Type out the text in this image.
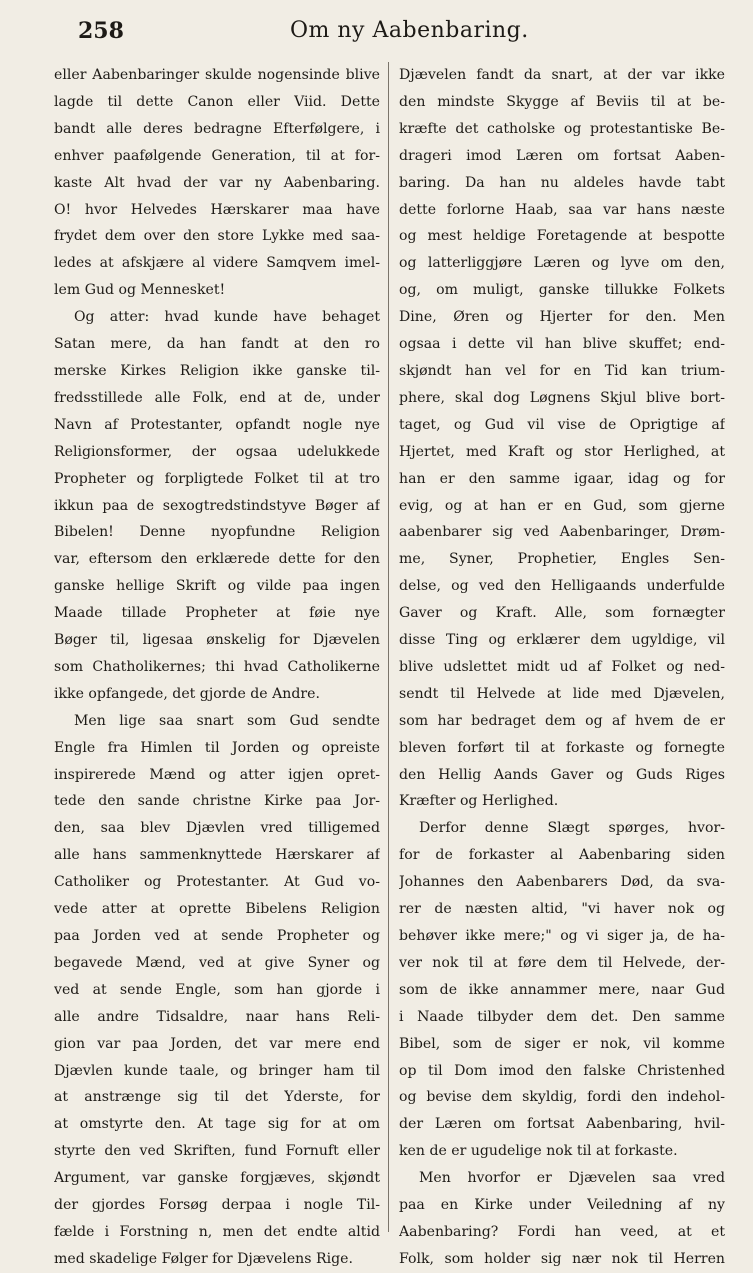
258	Om ny Aabenbaring.
eller Aabenbaringer skulde nogensinde blive
lagde til dette Canon eller Viid. Dette
bandt alle deres bedragne Efterfølgere, i
enhver paafølgende Generation, til at for-
kaste Alt hvad der var ny Aabenbaring.
O! hvor Helvedes Hærskarer maa have
frydet dem over den store Lykke med saa-
ledes at afskjære al videre Samqvem imel-
lem Gud og Mennesket!
Og atter: hvad kunde have behaget
Satan mere, da han fandt at den ro
merske Kirkes Religion ikke ganske til-
fredsstillede alle Folk, end at de, under
Navn af Protestanter, opfandt nogle nye
Religionsformer, der ogsaa udelukkede
Propheter og forpligtede Folket til at tro
ikkun paa de sexogtredstindstyve Bøger af
Bibelen! Denne nyopfundne Religion
var, eftersom den erklærede dette for den
ganske hellige Skrift og vilde paa ingen
Maade tillade Propheter at føie nye
Bøger til, ligesaa ønskelig for Djævelen
som Chatholikernes; thi hvad Catholikerne
ikke opfangede, det gjorde de Andre.
Men lige saa snart som Gud sendte
Engle fra Himlen til Jorden og opreiste
inspirerede Mænd og atter igjen opret-
tede den sande christne Kirke paa Jor-
den, saa blev Djævlen vred tilligemed
alle hans sammenknyttede Hærskarer af
Catholiker og Protestanter. At Gud vo-
vede atter at oprette Bibelens Religion
paa Jorden ved at sende Propheter og
begavede Mænd, ved at give Syner og
ved at sende Engle, som han gjorde i
alle andre Tidsaldre, naar hans Reli-
gion var paa Jorden, det var mere end
Djævlen kunde taale, og bringer ham til
at anstrænge sig til det Yderste, for
at omstyrte den. At tage sig for at om
styrte den ved Skriften, fund Fornuft eller
Argument, var ganske forgjæves, skjøndt
der gjordes Forsøg derpaa i nogle Til-
fælde i Forstning n, men det endte altid
med skadelige Følger for Djævelens Rige.
Djævelen fandt da snart, at der var ikke
den mindste Skygge af Beviis til at be-
kræfte det catholske og protestantiske Be-
drageri imod Læren om fortsat Aaben-
baring. Da han nu aldeles havde tabt
dette forlorne Haab, saa var hans næste
og mest heldige Foretagende at bespotte
og latterliggjøre Læren og lyve om den,
og, om muligt, ganske tillukke Folkets
Dine, Øren og Hjerter for den. Men
ogsaa i dette vil han blive skuffet; end-
skjøndt han vel for en Tid kan trium-
phere, skal dog Løgnens Skjul blive bort-
taget, og Gud vil vise de Oprigtige af
Hjertet, med Kraft og stor Herlighed, at
han er den samme igaar, idag og for
evig, og at han er en Gud, som gjerne
aabenbarer sig ved Aabenbaringer, Drøm-
me, Syner, Prophetier, Engles Sen-
delse, og ved den Helligaands underfulde
Gaver og Kraft. Alle, som fornægter
disse Ting og erklærer dem ugyldige, vil
blive udslettet midt ud af Folket og ned-
sendt til Helvede at lide med Djævelen,
som har bedraget dem og af hvem de er
bleven forført til at forkaste og fornegte
den Hellig Aands Gaver og Guds Riges
Kræfter og Herlighed.
Derfor denne Slægt spørges, hvor-
for de forkaster al Aabenbaring siden
Johannes den Aabenbarers Død, da sva-
rer de næsten altid, "vi haver nok og
behøver ikke mere;" og vi siger ja, de ha-
ver nok til at føre dem til Helvede, der-
som de ikke annammer mere, naar Gud
i Naade tilbyder dem det. Den samme
Bibel, som de siger er nok, vil komme
op til Dom imod den falske Christenhed
og bevise dem skyldig, fordi den indehol-
der Læren om fortsat Aabenbaring, hvil-
ken de er ugudelige nok til at forkaste.
Men hvorfor er Djævelen saa vred
paa en Kirke under Veiledning af ny
Aabenbaring? Fordi han veed, at et
Folk, som holder sig nær nok til Herren
